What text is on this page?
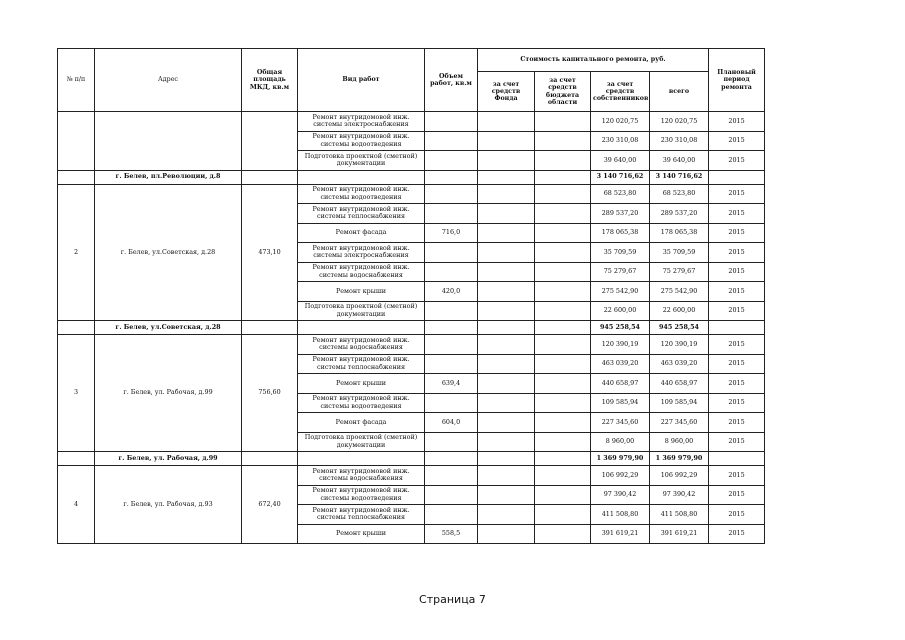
№ п/п	Адрес	Общая площадь МКД, кв.м	Вид работ	Объем работ, кв.м	Стоимость капитального ремонта, руб.				Плановый период ремонта
					за счет средств Фонда	за счет средств бюджета области	за счет средств собственников	всего	
			Ремонт внутридомовой инж. системы электроснабжения				120 020,75	120 020,75	2015
			Ремонт внутридомовой инж. системы водоотведения				230 310,08	230 310,08	2015
			Подготовка проектной (сметной) документации				39 640,00	39 640,00	2015
	г. Белев, пл.Революции, д.8						3 140 716,62	3 140 716,62	
2	г. Белев, ул.Советская, д.28	473,10	Ремонт внутридомовой инж. системы водоотведения				68 523,80	68 523,80	2015
			Ремонт внутридомовой инж. системы теплоснабжения				289 537,20	289 537,20	2015
			Ремонт фасада	716,0			178 065,38	178 065,38	2015
			Ремонт внутридомовой инж. системы электроснабжения				35 709,59	35 709,59	2015
			Ремонт внутридомовой инж. системы водоснабжения				75 279,67	75 279,67	2015
			Ремонт крыши	420,0			275 542,90	275 542,90	2015
			Подготовка проектной (сметной) документации				22 600,00	22 600,00	2015
	г. Белев, ул.Советская, д.28						945 258,54	945 258,54	
3	г. Белев, ул. Рабочая, д.99	756,60	Ремонт внутридомовой инж. системы водоснабжения				120 390,19	120 390,19	2015
			Ремонт внутридомовой инж. системы теплоснабжения				463 039,20	463 039,20	2015
			Ремонт крыши	639,4			440 658,97	440 658,97	2015
			Ремонт внутридомовой инж. системы водоотведения				109 585,94	109 585,94	2015
			Ремонт фасада	604,0			227 345,60	227 345,60	2015
			Подготовка проектной (сметной) документации				8 960,00	8 960,00	2015
	г. Белев, ул. Рабочая, д.99						1 369 979,90	1 369 979,90	
4	г. Белев, ул. Рабочая, д.93	672,40	Ремонт внутридомовой инж. системы водоснабжения				106 992,29	106 992,29	2015
			Ремонт внутридомовой инж. системы водоотведения				97 390,42	97 390,42	2015
			Ремонт внутридомовой инж. системы теплоснабжения				411 508,80	411 508,80	2015
			Ремонт крыши	558,5			391 619,21	391 619,21	2015
Страница 7
